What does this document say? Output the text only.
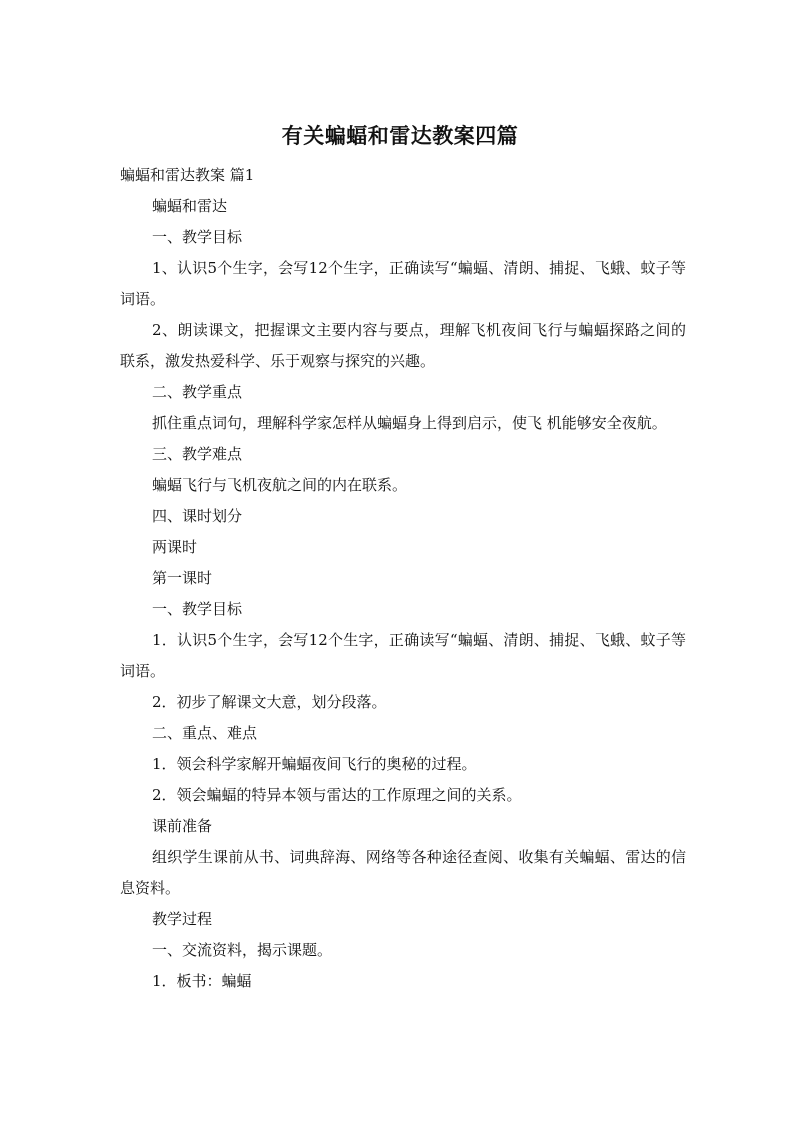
有关蝙蝠和雷达教案四篇

蝙蝠和雷达教案 篇1

蝙蝠和雷达

一、教学目标

1、认识5个生字，会写12个生字，正确读写“蝙蝠、清朗、捕捉、飞蛾、蚊子等词语。

2、朗读课文，把握课文主要内容与要点，理解飞机夜间飞行与蝙蝠探路之间的联系，激发热爱科学、乐于观察与探究的兴趣。

二、教学重点

抓住重点词句，理解科学家怎样从蝙蝠身上得到启示，使飞 机能够安全夜航。

三、教学难点

蝙蝠飞行与飞机夜航之间的内在联系。

四、课时划分

两课时

第一课时

一、教学目标

1．认识5个生字，会写12个生字，正确读写“蝙蝠、清朗、捕捉、飞蛾、蚊子等词语。

2．初步了解课文大意，划分段落。

二、重点、难点

1．领会科学家解开蝙蝠夜间飞行的奥秘的过程。

2．领会蝙蝠的特异本领与雷达的工作原理之间的关系。

课前准备

组织学生课前从书、词典辞海、网络等各种途径查阅、收集有关蝙蝠、雷达的信息资料。

教学过程

一、交流资料，揭示课题。

1．板书：蝙蝠
